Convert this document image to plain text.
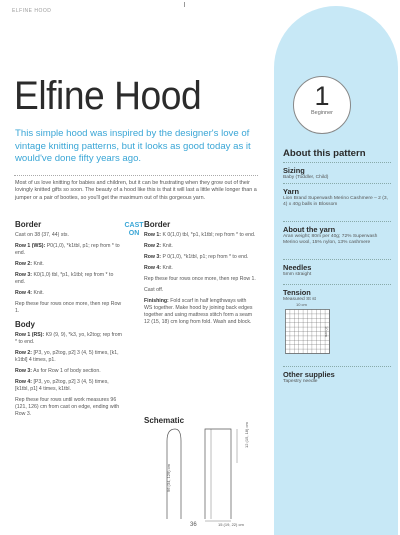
ELFINE HOOD
1
Beginner
About this pattern
Sizing
Baby (Toddler, Child)
Yarn
Lion Brand Superwash Merino Cashmere – 2 (3, 4) x 40g balls in Blossom
About the yarn
Aran weight; 80m per 40g; 72% Superwash Merino wool, 15% nylon, 13% cashmere
Needles
5mm straight
Tension
Measured St st
10 cm
10 cm
Other supplies
Tapestry needle
Elfine Hood
This simple hood was inspired by the designer's love of vintage knitting patterns, but it looks as good today as it would've done fifty years ago.
Most of us love knitting for babies and children, but it can be frustrating when they grow out of their lovingly knitted gifts so soon. The beauty of a hood like this is that it will last a little while longer than a jumper or a pair of booties, so you'll get the maximum out of this gorgeous yarn.
CAST ON
Border

Cast on 38 (37, 44) sts.

Row 1 (WS): P0(1,0), *k1tbl, p1; rep from * to end.

Row 2: Knit.

Row 3: K0(1,0) tbl, *p1, k1tbl; rep from * to end.

Row 4: Knit.

Rep these four rows once more, then rep Row 1.

Body

Row 1 (RS): K9 (9, 9), *k3, yo, k2tog; rep from * to end.

Row 2: [P3, yo, p2tog, p2] 3 (4, 5) times, [k1, k1tbl] 4 times, p1.

Row 3: As for Row 1 of body section.

Row 4: [P3, yo, p2tog, p2] 3 (4, 5) times, [k1tbl, p1] 4 times, k1tbl.

Rep these four rows until work measures 96 (121, 126) cm from cast on edge, ending with Row 3.

Border

Row 1: K 0(1,0) tbl, *p1, k1tbl; rep from * to end.

Row 2: Knit.

Row 3: P 0(1,0), *k1tbl, p1; rep from * to end.

Row 4: Knit.

Rep these four rows once more, then rep Row 1.

Cast off.

Finishing: Fold scarf in half lengthways with WS together. Make hood by joining back edges together and using mattress stitch form a seam 12 (15, 18) cm long from fold. Wash and block.

Schematic
96 (34, 129) cm
12 (15, 18) cm
15 (19, 22) cm
36
